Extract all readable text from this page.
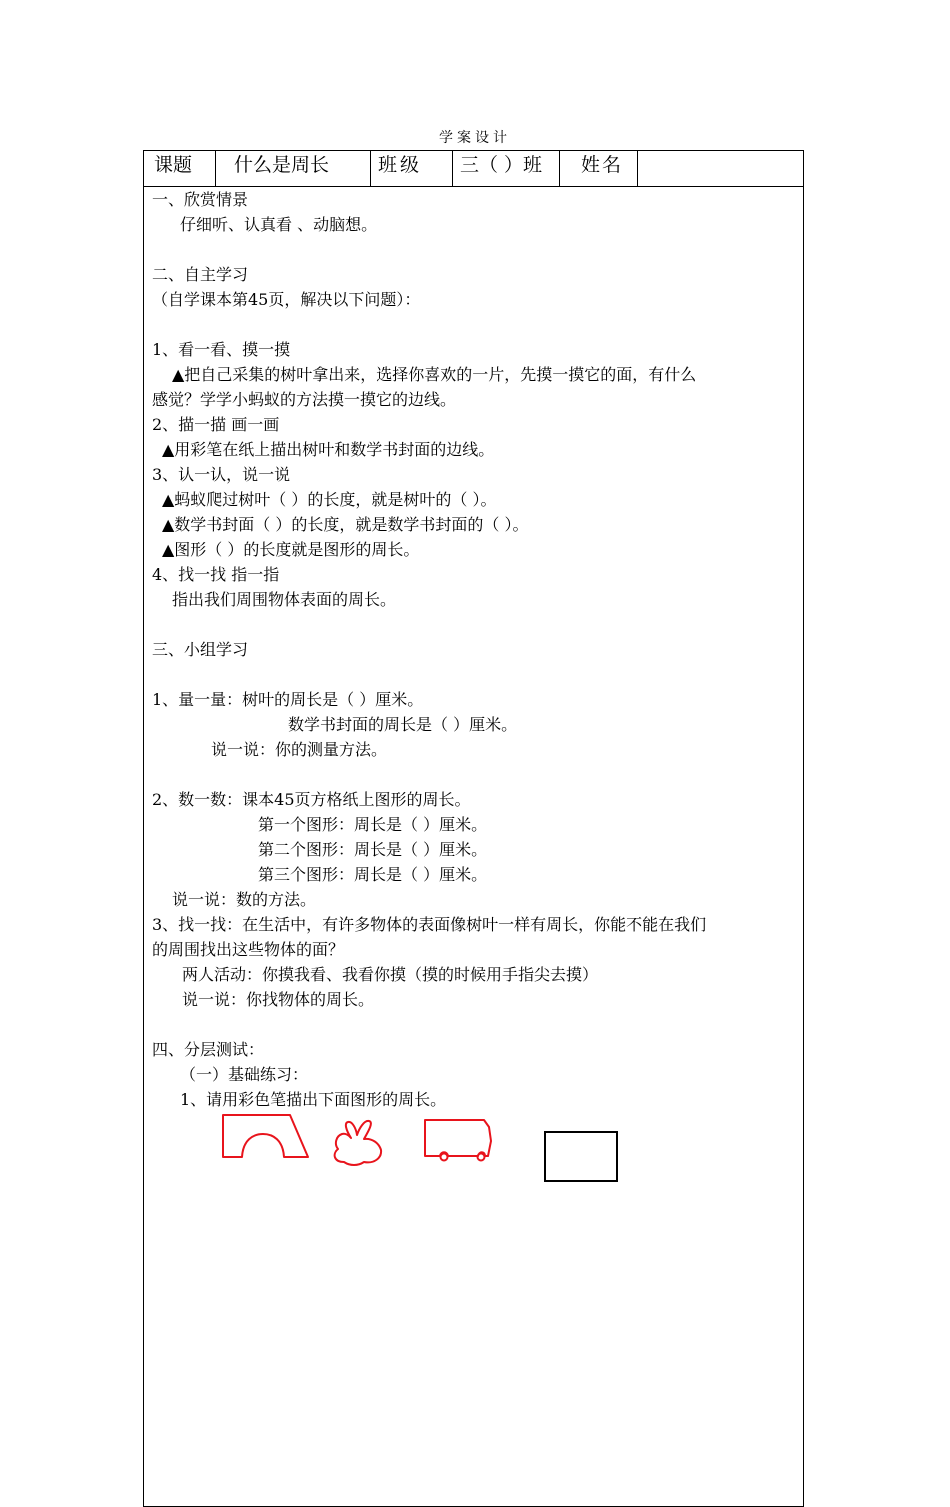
学案设计
课题	什么是周长	班级	三（ ）班	姓名
一、欣赏情景
仔细听、认真看 、动脑想。
二、自主学习
（自学课本第45页，解决以下问题）：
1、看一看、摸一摸
▲把自己采集的树叶拿出来，选择你喜欢的一片，先摸一摸它的面，有什么
感觉？学学小蚂蚁的方法摸一摸它的边线。
2、描一描 画一画
▲用彩笔在纸上描出树叶和数学书封面的边线。
3、认一认，说一说
▲蚂蚁爬过树叶（ ）的长度，就是树叶的（ ）。
▲数学书封面（ ）的长度，就是数学书封面的（ ）。
▲图形（ ）的长度就是图形的周长。
4、找一找 指一指
指出我们周围物体表面的周长。
三、小组学习
1、量一量：树叶的周长是（ ）厘米。
数学书封面的周长是（ ）厘米。
说一说：你的测量方法。
2、数一数：课本45页方格纸上图形的周长。
第一个图形：周长是（ ）厘米。
第二个图形：周长是（ ）厘米。
第三个图形：周长是（ ）厘米。
说一说：数的方法。
3、找一找：在生活中，有许多物体的表面像树叶一样有周长，你能不能在我们
的周围找出这些物体的面？
两人活动：你摸我看、我看你摸（摸的时候用手指尖去摸）
说一说：你找物体的周长。
四、分层测试：
（一）基础练习：
1、请用彩色笔描出下面图形的周长。
